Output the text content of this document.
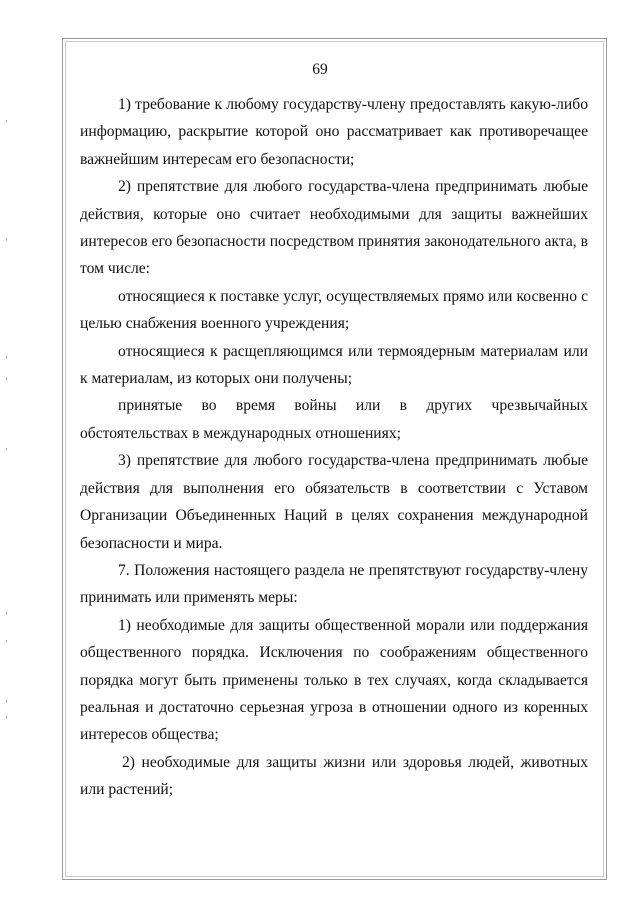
69

1) требование к любому государству-члену предоставлять какую-либо информацию, раскрытие которой оно рассматривает как противоречащее важнейшим интересам его безопасности;

2) препятствие для любого государства-члена предпринимать любые действия, которые оно считает необходимыми для защиты важнейших интересов его безопасности посредством принятия законодательного акта, в том числе:

относящиеся к поставке услуг, осуществляемых прямо или косвенно с целью снабжения военного учреждения;

относящиеся к расщепляющимся или термоядерным материалам или к материалам, из которых они получены;

принятые во время войны или в других чрезвычайных обстоятельствах в международных отношениях;

3) препятствие для любого государства-члена предпринимать любые действия для выполнения его обязательств в соответствии с Уставом Организации Объединенных Наций в целях сохранения международной безопасности и мира.

7. Положения настоящего раздела не препятствуют государству-члену принимать или применять меры:

1) необходимые для защиты общественной морали или поддержания общественного порядка. Исключения по соображениям общественного порядка могут быть применены только в тех случаях, когда складывается реальная и достаточно серьезная угроза в отношении одного из коренных интересов общества;

2) необходимые для защиты жизни или здоровья людей, животных или растений;
